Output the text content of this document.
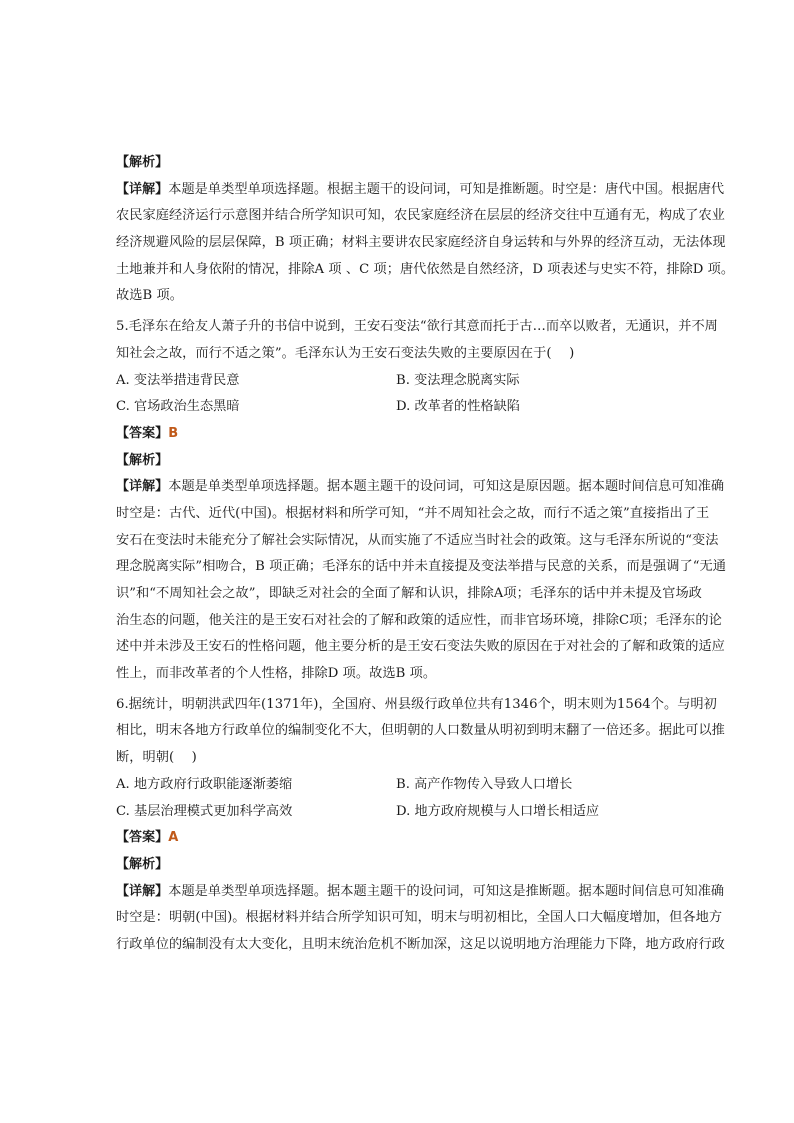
【解析】
【详解】本题是单类型单项选择题。根据主题干的设问词，可知是推断题。时空是：唐代中国。根据唐代
农民家庭经济运行示意图并结合所学知识可知，农民家庭经济在层层的经济交往中互通有无，构成了农业
经济规避风险的层层保障，B 项正确；材料主要讲农民家庭经济自身运转和与外界的经济互动，无法体现
土地兼并和人身依附的情况，排除A 项 、C 项；唐代依然是自然经济，D 项表述与史实不符，排除D 项。
故选B 项。
5.毛泽东在给友人萧子升的书信中说到，王安石变法“欲行其意而托于古…而卒以败者，无通识，并不周
知社会之故，而行不适之策”。毛泽东认为王安石变法失败的主要原因在于(　 )
A. 变法举措违背民意	B. 变法理念脱离实际
C. 官场政治生态黑暗	D. 改革者的性格缺陷
【答案】B
【解析】
【详解】本题是单类型单项选择题。据本题主题干的设问词，可知这是原因题。据本题时间信息可知准确
时空是：古代、近代(中国)。根据材料和所学可知，“并不周知社会之故，而行不适之策”直接指出了王
安石在变法时未能充分了解社会实际情况，从而实施了不适应当时社会的政策。这与毛泽东所说的“变法
理念脱离实际”相吻合，B 项正确；毛泽东的话中并未直接提及变法举措与民意的关系，而是强调了“无通
识”和“不周知社会之故”，即缺乏对社会的全面了解和认识，排除A项；毛泽东的话中并未提及官场政
治生态的问题，他关注的是王安石对社会的了解和政策的适应性，而非官场环境，排除C项；毛泽东的论
述中并未涉及王安石的性格问题，他主要分析的是王安石变法失败的原因在于对社会的了解和政策的适应
性上，而非改革者的个人性格，排除D 项。故选B 项。
6.据统计，明朝洪武四年(1371年)，全国府、州县级行政单位共有1346个，明末则为1564个。与明初
相比，明末各地方行政单位的编制变化不大，但明朝的人口数量从明初到明末翻了一倍还多。据此可以推
断，明朝(　 )
A. 地方政府行政职能逐渐萎缩	B. 高产作物传入导致人口增长
C. 基层治理模式更加科学高效	D. 地方政府规模与人口增长相适应
【答案】A
【解析】
【详解】本题是单类型单项选择题。据本题主题干的设问词，可知这是推断题。据本题时间信息可知准确
时空是：明朝(中国)。根据材料并结合所学知识可知，明末与明初相比，全国人口大幅度增加，但各地方
行政单位的编制没有太大变化，且明末统治危机不断加深，这足以说明地方治理能力下降，地方政府行政
